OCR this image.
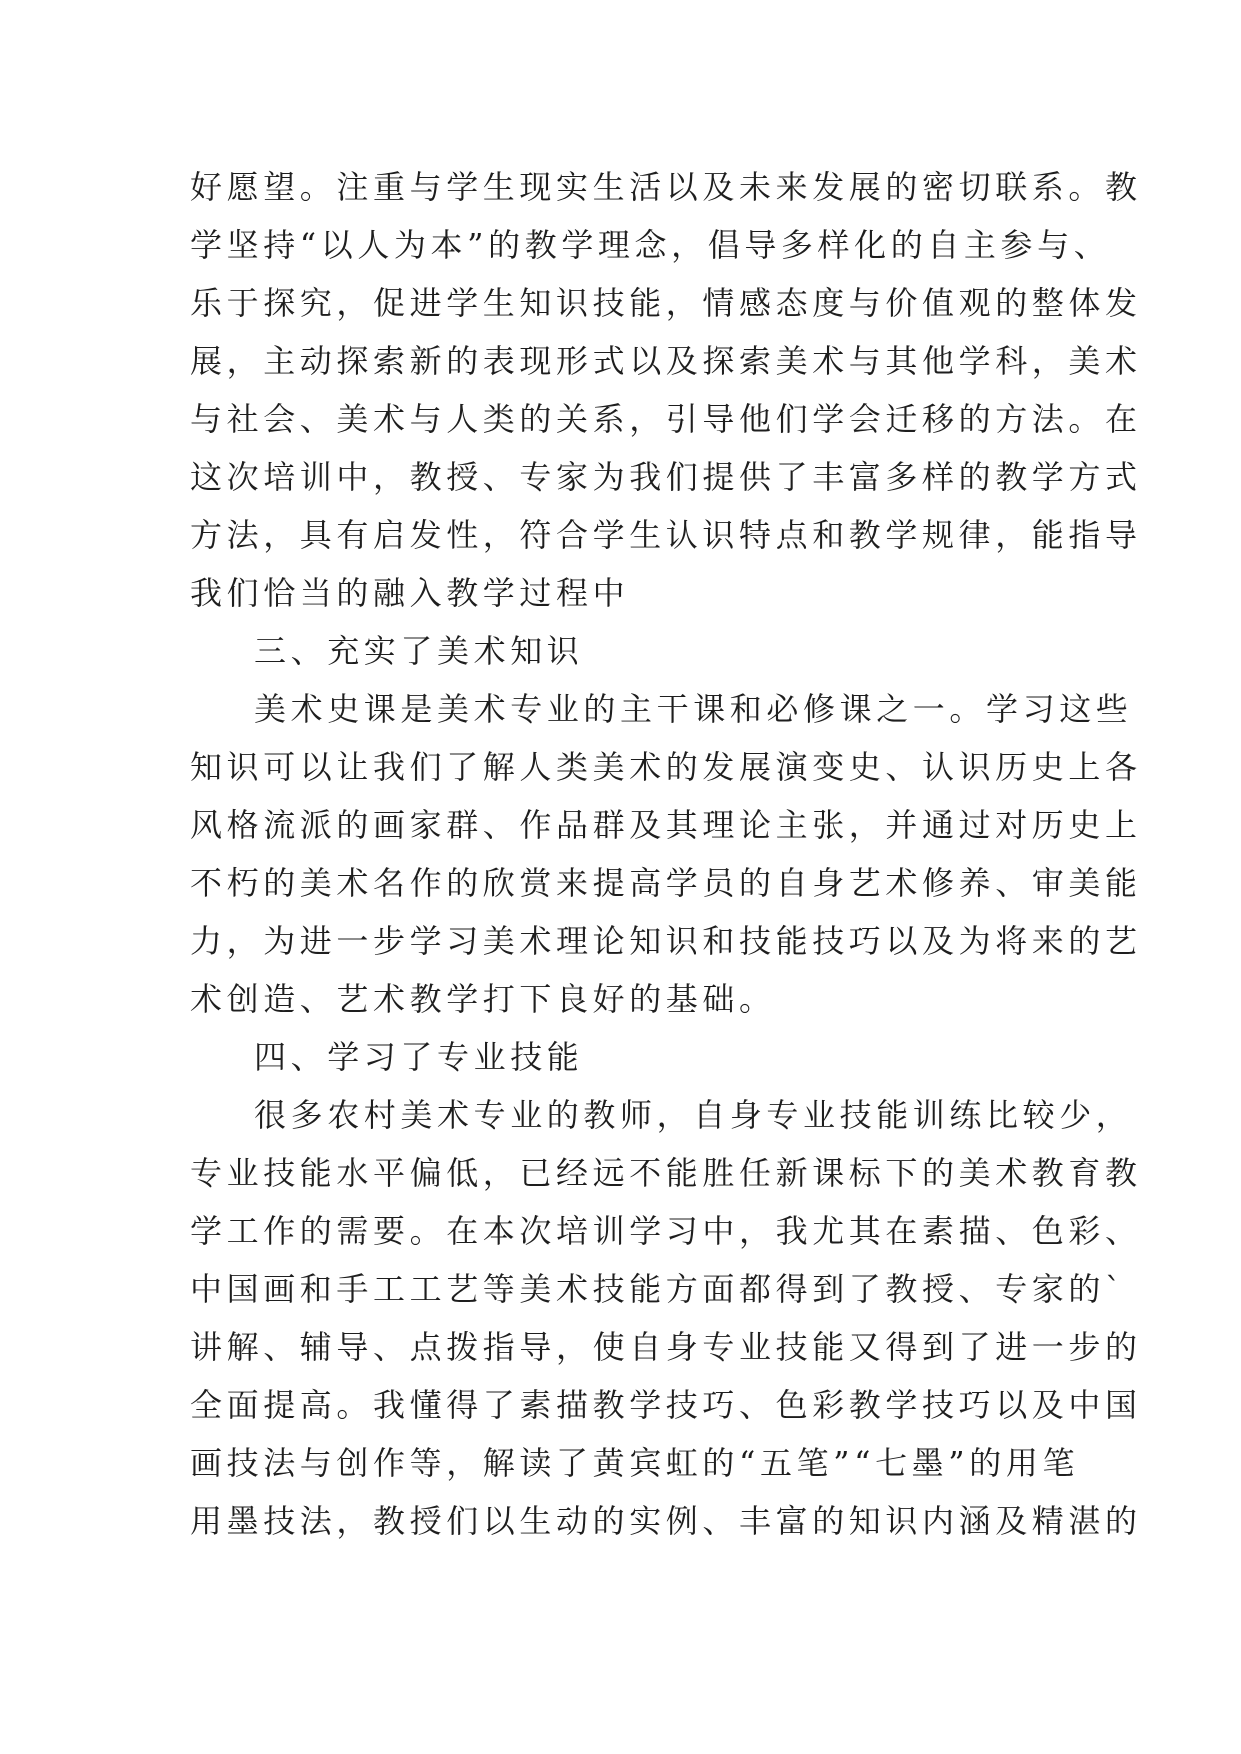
好愿望。注重与学生现实生活以及未来发展的密切联系。教
学坚持“以人为本”的教学理念，倡导多样化的自主参与、
乐于探究，促进学生知识技能，情感态度与价值观的整体发
展，主动探索新的表现形式以及探索美术与其他学科，美术
与社会、美术与人类的关系，引导他们学会迁移的方法。在
这次培训中，教授、专家为我们提供了丰富多样的教学方式
方法，具有启发性，符合学生认识特点和教学规律，能指导
我们恰当的融入教学过程中
三、充实了美术知识
美术史课是美术专业的主干课和必修课之一。学习这些
知识可以让我们了解人类美术的发展演变史、认识历史上各
风格流派的画家群、作品群及其理论主张，并通过对历史上
不朽的美术名作的欣赏来提高学员的自身艺术修养、审美能
力，为进一步学习美术理论知识和技能技巧以及为将来的艺
术创造、艺术教学打下良好的基础。
四、学习了专业技能
很多农村美术专业的教师，自身专业技能训练比较少，
专业技能水平偏低，已经远不能胜任新课标下的美术教育教
学工作的需要。在本次培训学习中，我尤其在素描、色彩、
中国画和手工工艺等美术技能方面都得到了教授、专家的`
讲解、辅导、点拨指导，使自身专业技能又得到了进一步的
全面提高。我懂得了素描教学技巧、色彩教学技巧以及中国
画技法与创作等，解读了黄宾虹的“五笔”“七墨”的用笔
用墨技法，教授们以生动的实例、丰富的知识内涵及精湛的
